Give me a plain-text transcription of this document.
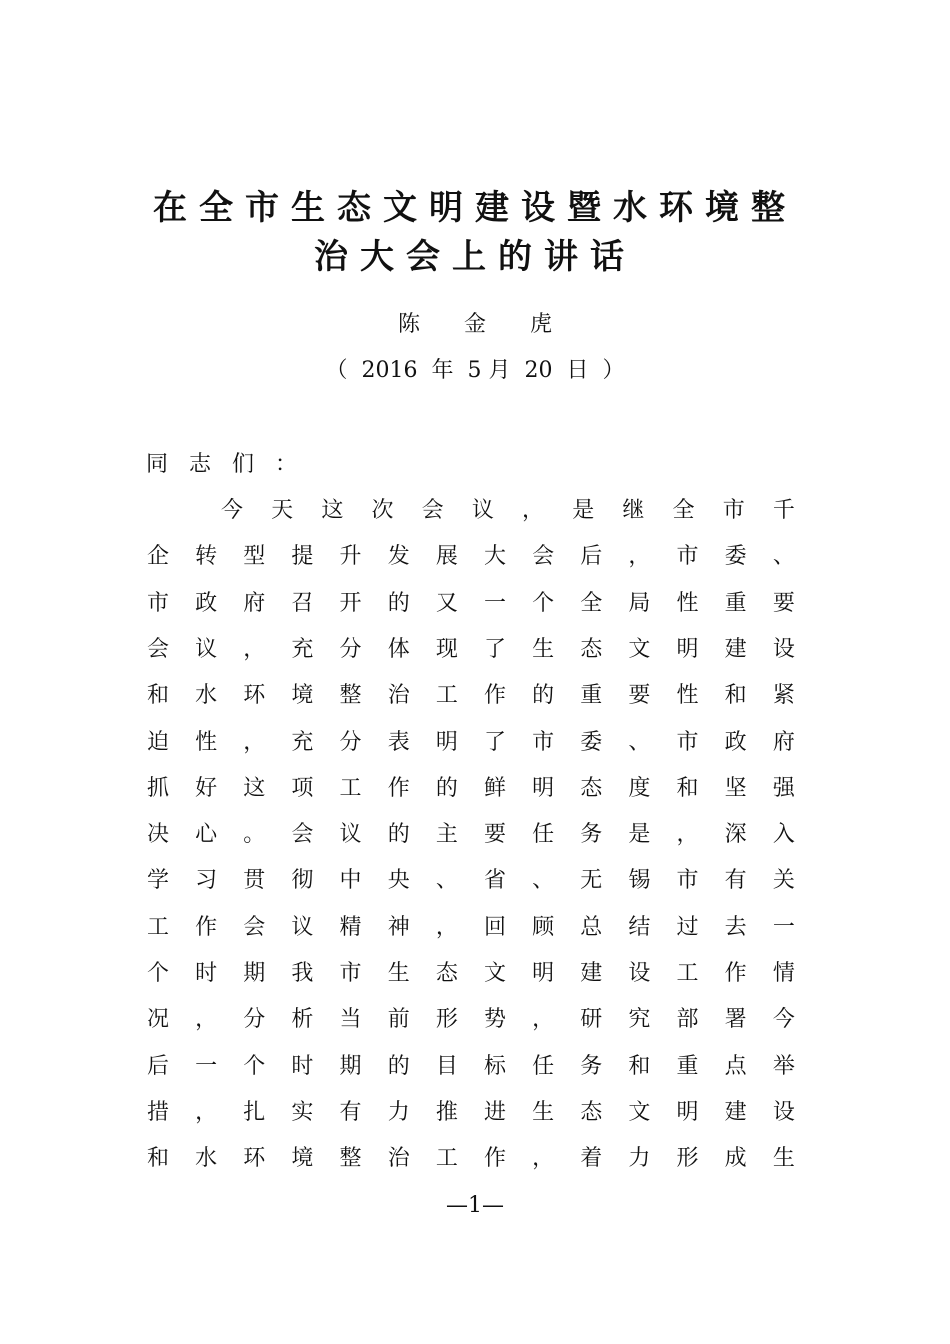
在全市生态文明建设暨水环境整
治大会上的讲话
陈 金 虎
（  2016  年  5 月  20  日  ）
同志们：
今 天 这 次 会 议 ， 是 继 全 市 千
企 转 型 提 升 发 展 大 会 后 ， 市 委 、
市 政 府 召 开 的 又 一 个 全 局 性 重 要
会 议 ， 充 分 体 现 了 生 态 文 明 建 设
和 水 环 境 整 治 工 作 的 重 要 性 和 紧
迫 性 ， 充 分 表 明 了 市 委 、 市 政 府
抓 好 这 项 工 作 的 鲜 明 态 度 和 坚 强
决 心 。 会 议 的 主 要 任 务 是 ， 深 入
学 习 贯 彻 中 央 、 省 、 无 锡 市 有 关
工 作 会 议 精 神 ， 回 顾 总 结 过 去 一
个 时 期 我 市 生 态 文 明 建 设 工 作 情
况 ， 分 析 当 前 形 势 ， 研 究 部 署 今
后 一 个 时 期 的 目 标 任 务 和 重 点 举
措 ， 扎 实 有 力 推 进 生 态 文 明 建 设
和 水 环 境 整 治 工 作 ， 着 力 形 成 生
—1—
